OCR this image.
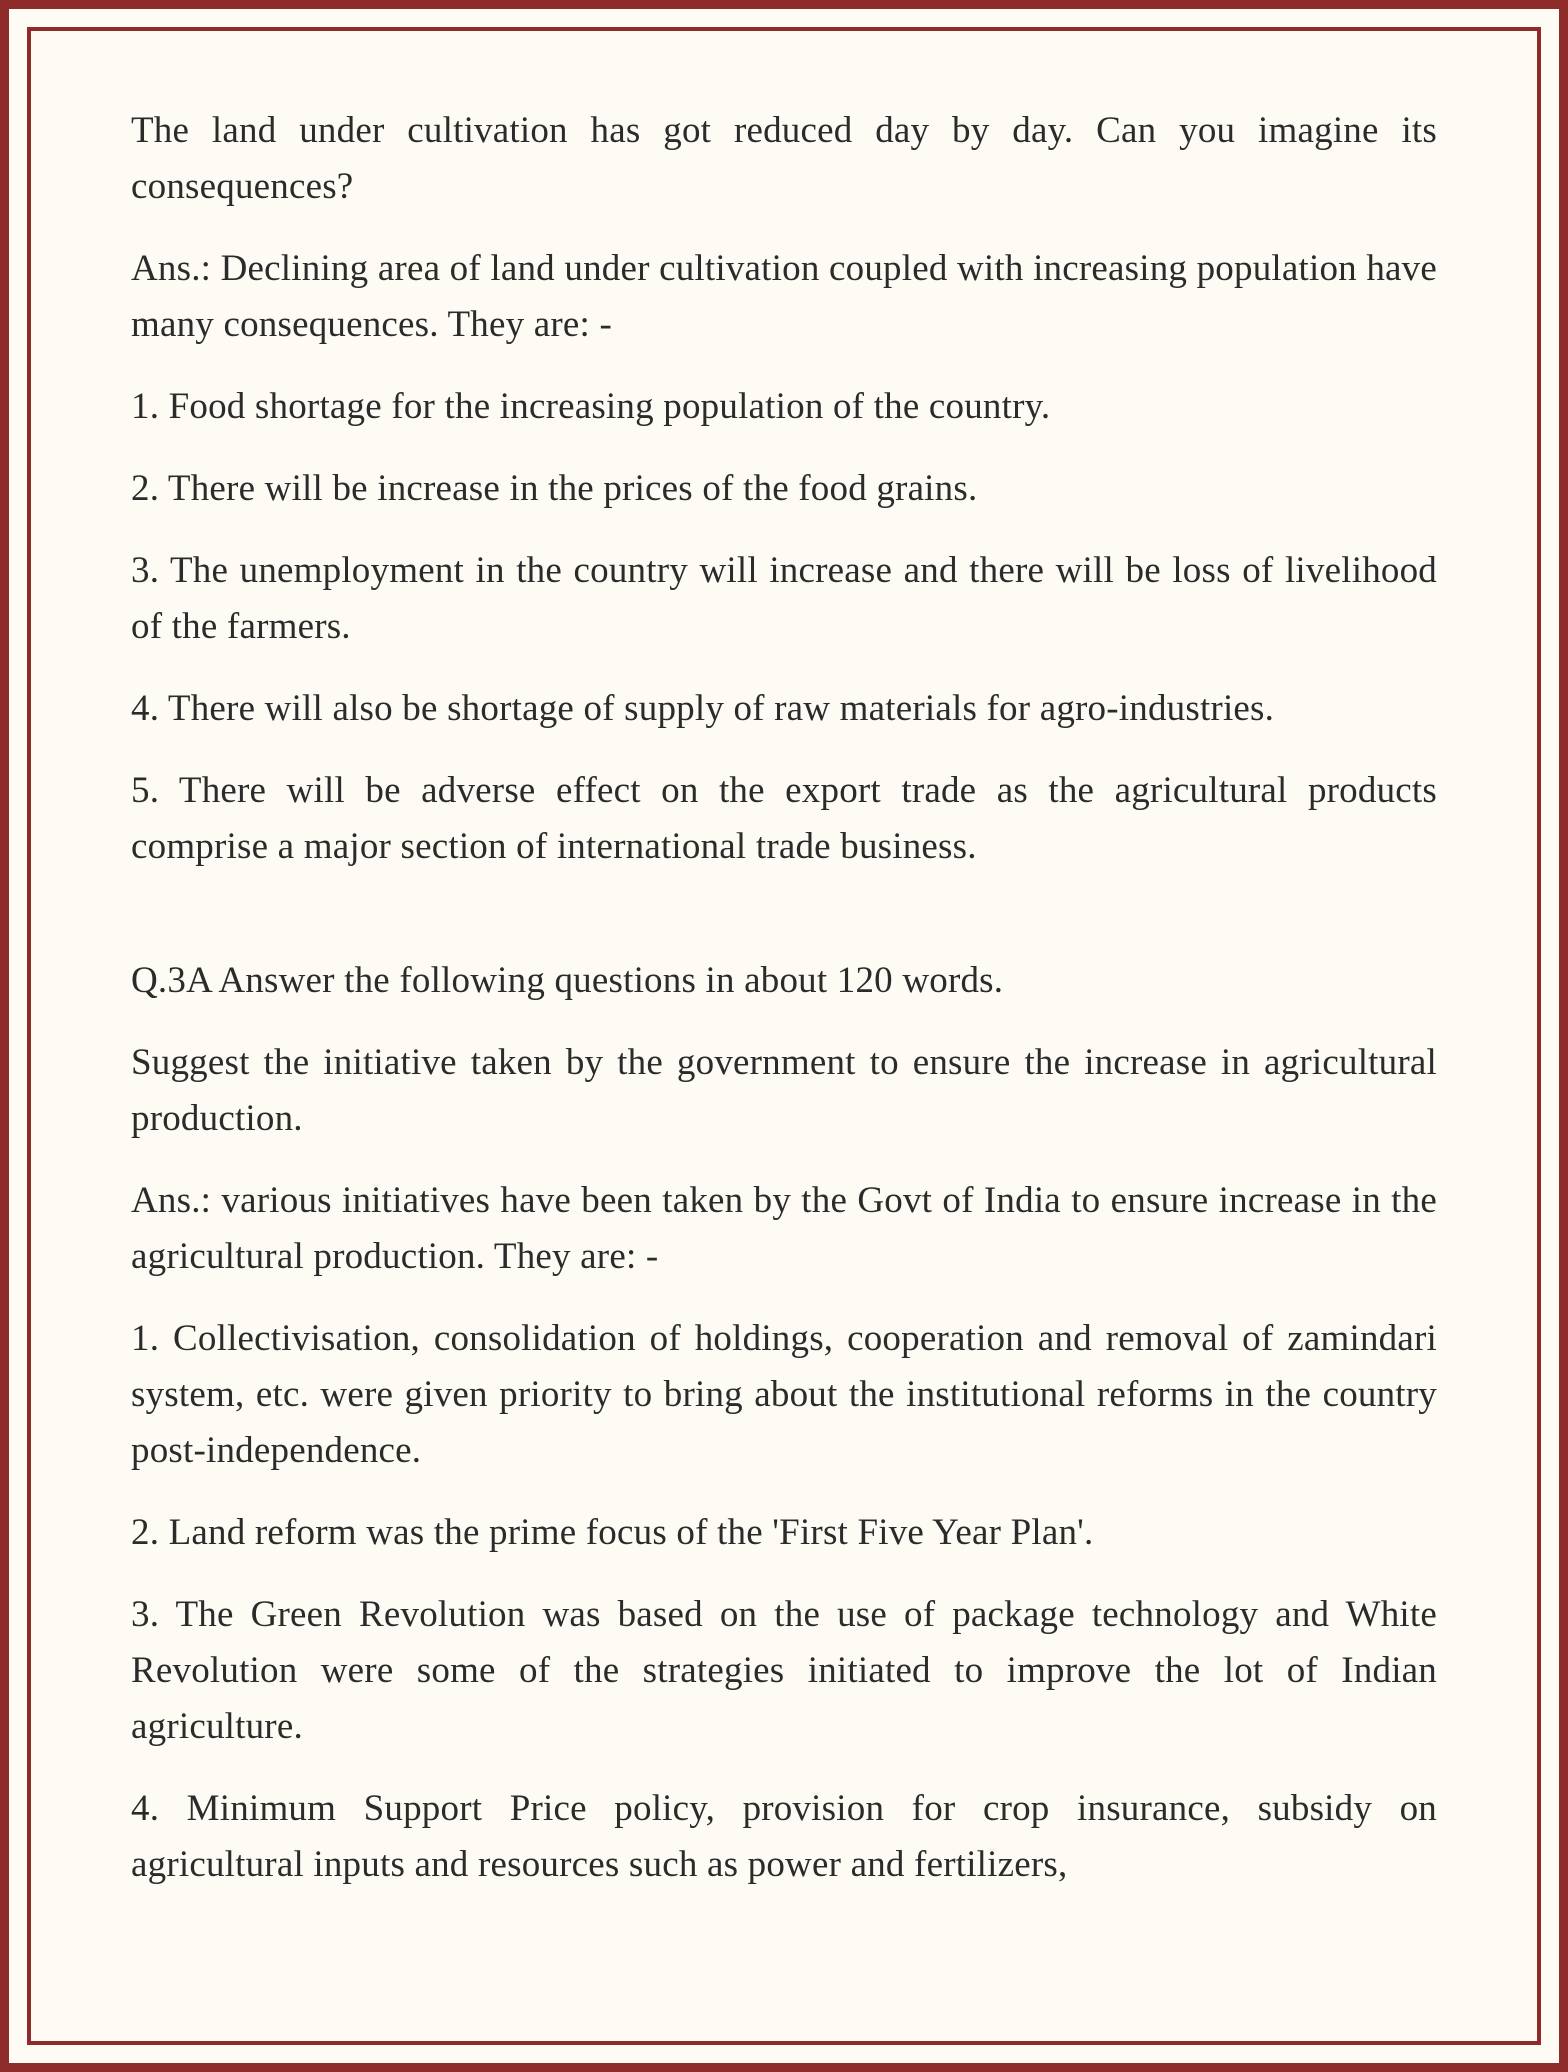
The land under cultivation has got reduced day by day. Can you imagine its consequences?

Ans.: Declining area of land under cultivation coupled with increasing population have many consequences. They are: -

1. Food shortage for the increasing population of the country.

2. There will be increase in the prices of the food grains.

3. The unemployment in the country will increase and there will be loss of livelihood of the farmers.

4. There will also be shortage of supply of raw materials for agro-industries.

5. There will be adverse effect on the export trade as the agricultural products comprise a major section of international trade business.

Q.3A Answer the following questions in about 120 words.

Suggest the initiative taken by the government to ensure the increase in agricultural production.

Ans.: various initiatives have been taken by the Govt of India to ensure increase in the agricultural production. They are: -

1. Collectivisation, consolidation of holdings, cooperation and removal of zamindari system, etc. were given priority to bring about the institutional reforms in the country post-independence.

2. Land reform was the prime focus of the 'First Five Year Plan'.

3. The Green Revolution was based on the use of package technology and White Revolution were some of the strategies initiated to improve the lot of Indian agriculture.

4. Minimum Support Price policy, provision for crop insurance, subsidy on agricultural inputs and resources such as power and fertilizers,
